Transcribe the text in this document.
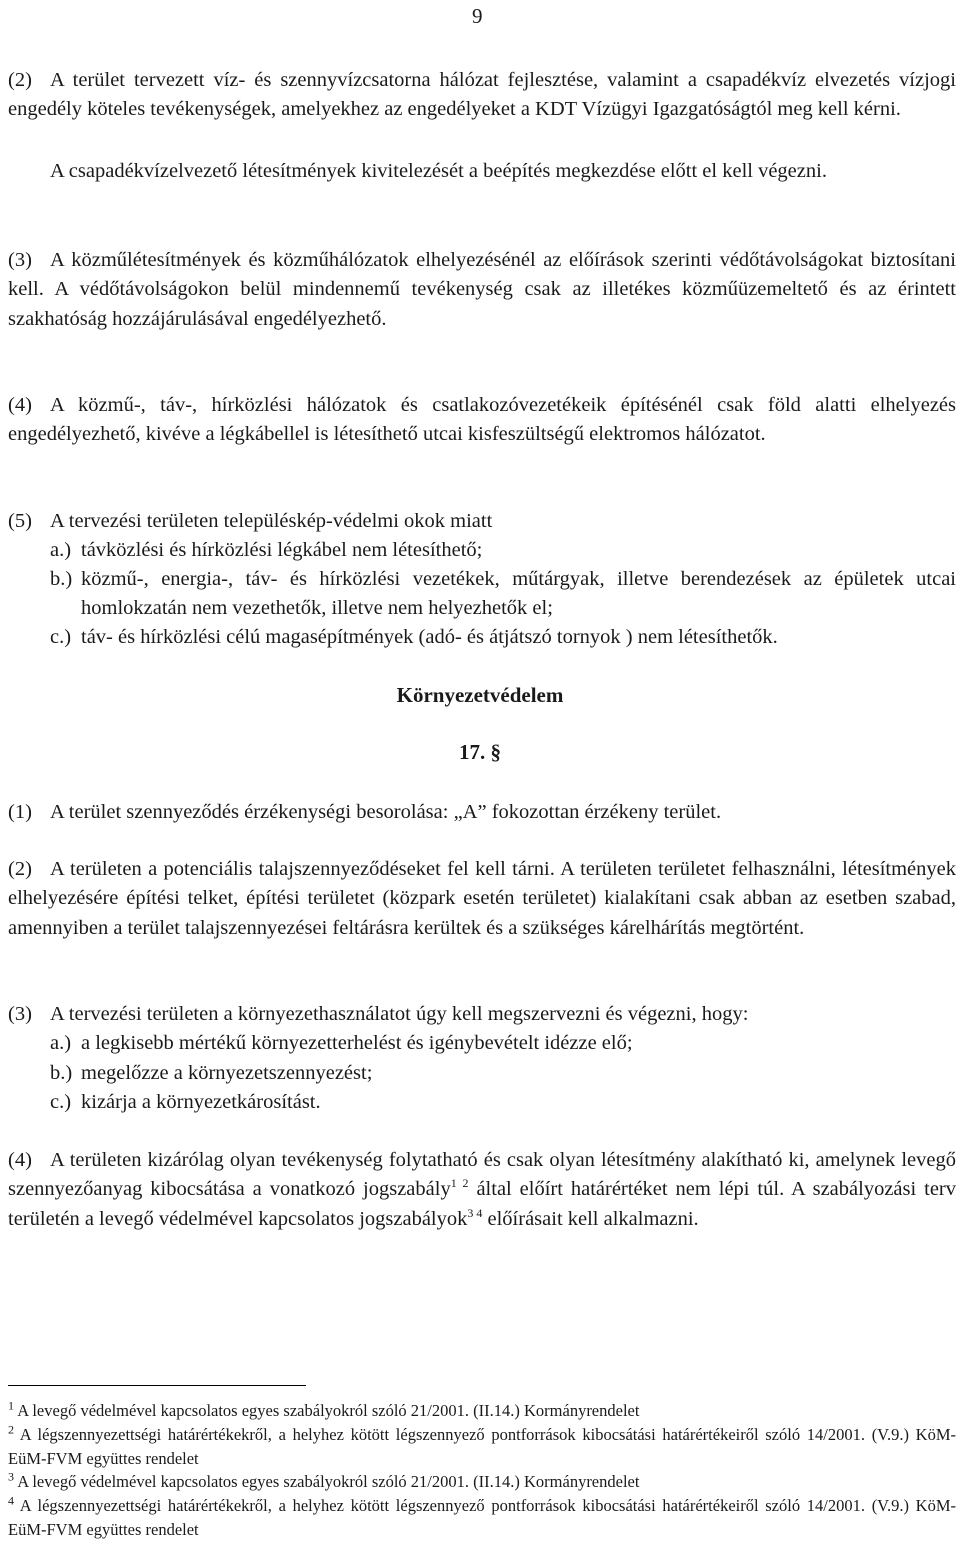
9
(2) A terület tervezett víz- és szennyvízcsatorna hálózat fejlesztése, valamint a csapadékvíz elvezetés vízjogi engedély köteles tevékenységek, amelyekhez az engedélyeket a KDT Vízügyi Igazgatóságtól meg kell kérni.
A csapadékvízelvezető létesítmények kivitelezését a beépítés megkezdése előtt el kell végezni.
(3) A közműlétesítmények és közműhálózatok elhelyezésénél az előírások szerinti védőtávolságokat biztosítani kell. A védőtávolságokon belül mindennemű tevékenység csak az illetékes közműüzemeltető és az érintett szakhatóság hozzájárulásával engedélyezhető.
(4) A közmű-, táv-, hírközlési hálózatok és csatlakozóvezetékeik építésénél csak föld alatti elhelyezés engedélyezhető, kivéve a légkábellel is létesíthető utcai kisfeszültségű elektromos hálózatot.
(5) A tervezési területen településkép-védelmi okok miatt
a.) távközlési és hírközlési légkábel nem létesíthető;
b.) közmű-, energia-, táv- és hírközlési vezetékek, műtárgyak, illetve berendezések az épületek utcai homlokzatán nem vezethetők, illetve nem helyezhetők el;
c.) táv- és hírközlési célú magasépítmények (adó- és átjátszó tornyok ) nem létesíthetők.
Környezetvédelem
17. §
(1) A terület szennyeződés érzékenységi besorolása: „A” fokozottan érzékeny terület.
(2) A területen a potenciális talajszennyeződéseket fel kell tárni. A területen területet felhasználni, létesítmények elhelyezésére építési telket, építési területet (közpark esetén területet) kialakítani csak abban az esetben szabad, amennyiben a terület talajszennyezései feltárásra kerültek és a szükséges kárelhárítás megtörtént.
(3) A tervezési területen a környezethasználatot úgy kell megszervezni és végezni, hogy:
a.) a legkisebb mértékű környezetterhelést és igénybevételt idézze elő;
b.) megelőzze a környezetszennyezést;
c.) kizárja a környezetkárosítást.
(4) A területen kizárólag olyan tevékenység folytatható és csak olyan létesítmény alakítható ki, amelynek levegő szennyezőanyag kibocsátása a vonatkozó jogszabály$^{1 2}$ által előírt határértéket nem lépi túl. A szabályozási terv területén a levegő védelmével kapcsolatos jogszabályok$^{3 4}$ előírásait kell alkalmazni.
$^1$ A levegő védelmével kapcsolatos egyes szabályokról szóló 21/2001. (II.14.) Kormányrendelet
$^2$ A légszennyezettségi határértékekről, a helyhez kötött légszennyező pontforrások kibocsátási határértékeiről szóló 14/2001. (V.9.) KöM-EüM-FVM együttes rendelet
$^3$ A levegő védelmével kapcsolatos egyes szabályokról szóló 21/2001. (II.14.) Kormányrendelet
$^4$ A légszennyezettségi határértékekről, a helyhez kötött légszennyező pontforrások kibocsátási határértékeiről szóló 14/2001. (V.9.) KöM-EüM-FVM együttes rendelet
